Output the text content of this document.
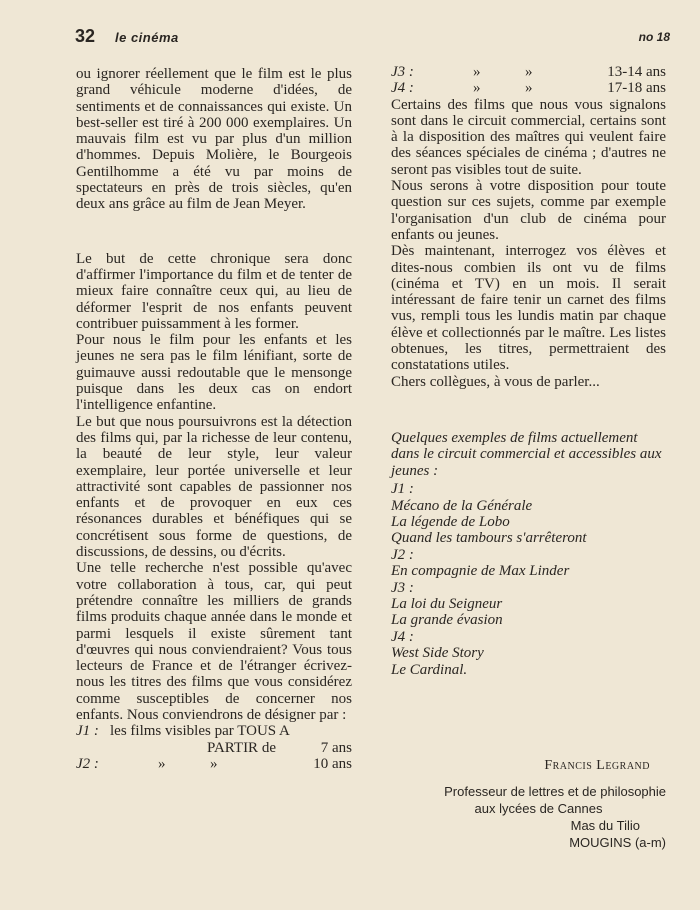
32 le cinéma	no 18

ou ignorer réellement que le film est le plus grand véhicule moderne d'idées, de sentiments et de connaissances qui existe. Un best-seller est tiré à 200 000 exemplaires. Un mauvais film est vu par plus d'un million d'hommes. Depuis Molière, le Bourgeois Gentilhomme a été vu par moins de spectateurs en près de trois siècles, qu'en deux ans grâce au film de Jean Meyer.

Le but de cette chronique sera donc d'affirmer l'importance du film et de tenter de mieux faire connaître ceux qui, au lieu de déformer l'esprit de nos enfants peuvent contribuer puissamment à les former.

Pour nous le film pour les enfants et les jeunes ne sera pas le film lénifiant, sorte de guimauve aussi redoutable que le mensonge puisque dans les deux cas on endort l'intelligence enfantine.

Le but que nous poursuivrons est la détection des films qui, par la richesse de leur contenu, la beauté de leur style, leur valeur exemplaire, leur portée universelle et leur attractivité sont capables de passionner nos enfants et de provoquer en eux ces résonances durables et bénéfiques qui se concrétisent sous forme de questions, de discussions, de dessins, ou d'écrits.

Une telle recherche n'est possible qu'avec votre collaboration à tous, car, qui peut prétendre connaître les milliers de grands films produits chaque année dans le monde et parmi lesquels il existe sûrement tant d'œuvres qui nous conviendraient? Vous tous lecteurs de France et de l'étranger écrivez-nous les titres des films que vous considérez comme susceptibles de concerner nos enfants. Nous conviendrons de désigner par :

J1 : les films visibles par TOUS A
PARTIR de	7 ans
J2 :	»	»	10 ans
J3 :	»	»	13-14 ans
J4 :	»	»	17-18 ans

Certains des films que nous vous signalons sont dans le circuit commercial, certains sont à la disposition des maîtres qui veulent faire des séances spéciales de cinéma ; d'autres ne seront pas visibles tout de suite.

Nous serons à votre disposition pour toute question sur ces sujets, comme par exemple l'organisation d'un club de cinéma pour enfants ou jeunes.

Dès maintenant, interrogez vos élèves et dites-nous combien ils ont vu de films (cinéma et TV) en un mois. Il serait intéressant de faire tenir un carnet des films vus, rempli tous les lundis matin par chaque élève et collectionnés par le maître. Les listes obtenues, les titres, permettraient des constatations utiles.

Chers collègues, à vous de parler...

Quelques exemples de films actuellement dans le circuit commercial et accessibles aux jeunes :

J1 :
Mécano de la Générale
La légende de Lobo
Quand les tambours s'arrêteront
J2 :
En compagnie de Max Linder
J3 :
La loi du Seigneur
La grande évasion
J4 :
West Side Story
Le Cardinal.
Francis Legrand
Professeur de lettres et de philosophie
aux lycées de Cannes
Mas du Tilio
MOUGINS (a-m)
